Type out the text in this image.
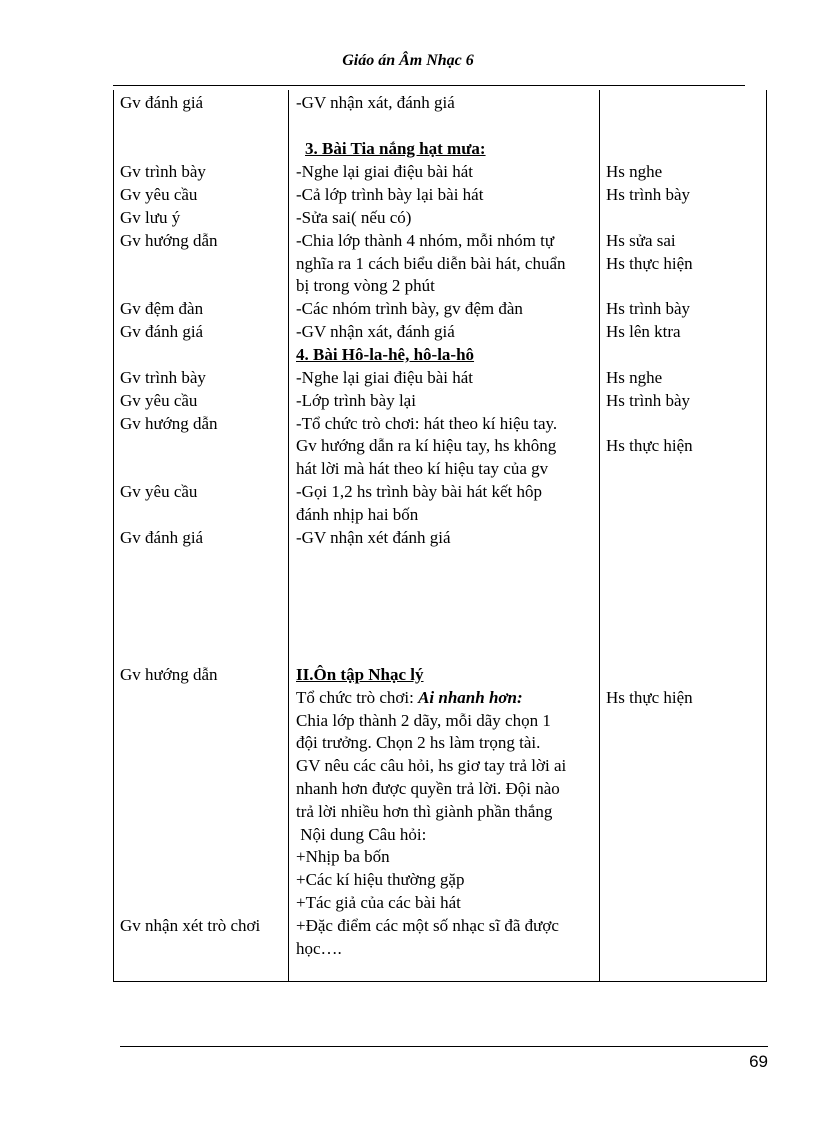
Giáo án Âm Nhạc 6
Gv đánh giá
Gv trình bày
Gv yêu cầu
Gv lưu ý
Gv hướng dẫn
Gv đệm đàn
Gv đánh giá
Gv trình bày
Gv yêu cầu
Gv hướng dẫn
Gv yêu cầu
Gv đánh giá
Gv hướng dẫn
Gv nhận xét trò chơi
-GV nhận xát, đánh giá
3. Bài Tia nắng hạt mưa:
-Nghe lại giai điệu bài hát
-Cả lớp trình bày lại bài hát
-Sửa sai( nếu có)
-Chia lớp thành 4 nhóm, mỗi nhóm tự
nghĩa ra 1 cách biểu diễn bài hát, chuẩn
bị trong vòng 2 phút
-Các nhóm trình bày, gv đệm đàn
-GV nhận xát, đánh giá
4. Bài Hô-la-hê, hô-la-hô
-Nghe lại giai điệu bài hát
-Lớp trình bày lại
-Tổ chức trò chơi: hát theo kí hiệu tay.
Gv hướng dẫn ra kí hiệu tay, hs không
hát lời mà hát theo kí hiệu tay của gv
-Gọi 1,2 hs trình bày bài hát kết hôp
đánh nhịp hai bốn
-GV nhận xét đánh giá
II.Ôn tập Nhạc lý
Tổ chức trò chơi: Ai nhanh hơn:
Chia lớp thành 2 dãy, mỗi dãy chọn 1
đội trưởng. Chọn 2 hs làm trọng tài.
GV nêu các câu hỏi, hs giơ tay trả lời ai
nhanh hơn được quyền trả lời. Đội nào
trả lời nhiều hơn thì giành phần thắng
Nội dung Câu hỏi:
+Nhịp ba bốn
+Các kí hiệu thường gặp
+Tác giả của các bài hát
+Đặc điểm các một số nhạc sĩ đã được
học….
Hs nghe
Hs trình bày
Hs sửa sai
Hs thực hiện
Hs trình bày
Hs lên ktra
Hs nghe
Hs trình bày
Hs thực hiện
Hs thực hiện
69
